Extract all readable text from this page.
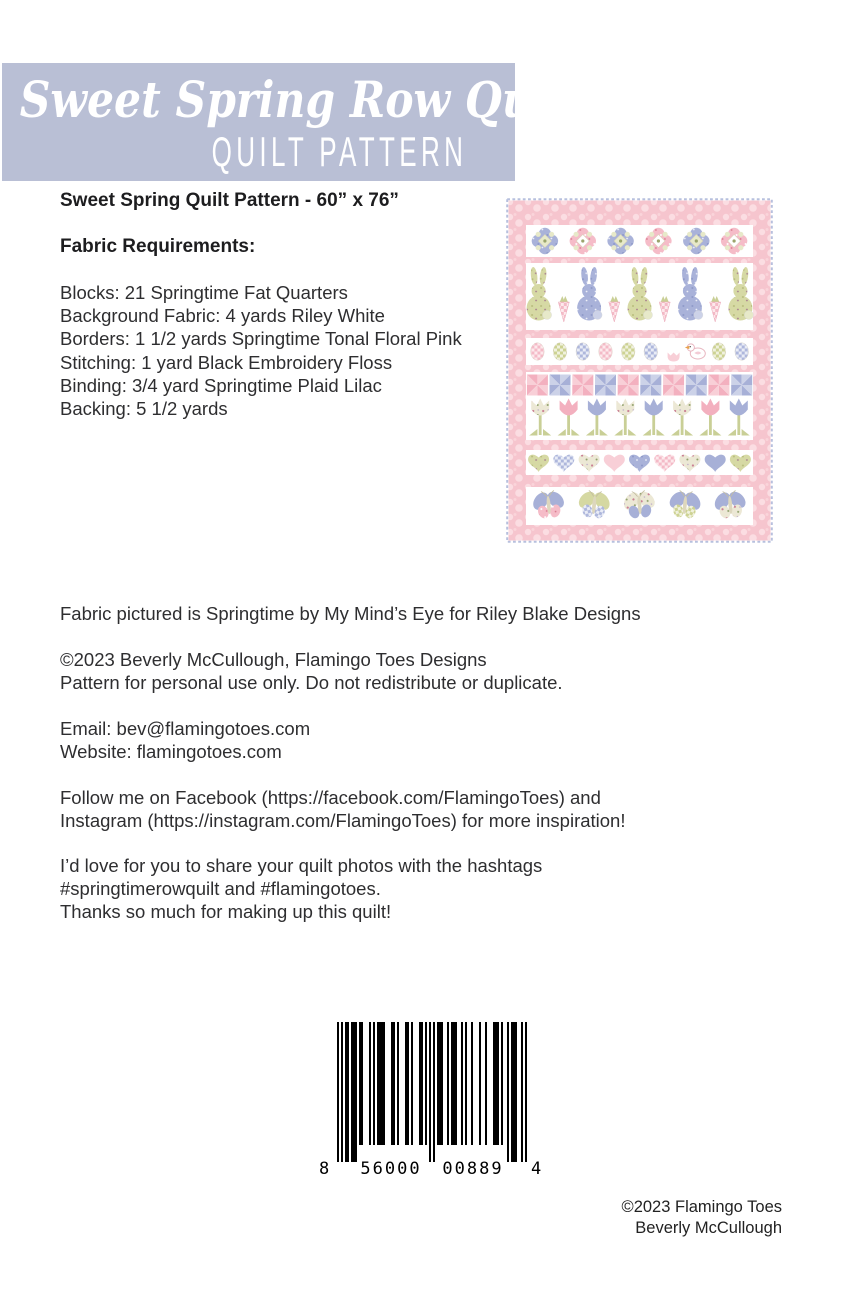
Sweet Spring Row Quilt
QUILT PATTERN
Sweet Spring Quilt Pattern - 60” x 76”
Fabric Requirements:
Blocks: 21 Springtime Fat Quarters
Background Fabric: 4 yards Riley White
Borders: 1 1/2 yards Springtime Tonal Floral Pink
Stitching: 1 yard Black Embroidery Floss
Binding: 3/4 yard Springtime Plaid Lilac
Backing: 5 1/2 yards
Fabric pictured is Springtime by My Mind’s Eye for Riley Blake Designs
©2023 Beverly McCullough, Flamingo Toes Designs
Pattern for personal use only. Do not redistribute or duplicate.
Email: bev@flamingotoes.com
Website: flamingotoes.com
Follow me on Facebook (https://facebook.com/FlamingoToes) and
Instagram (https://instagram.com/FlamingoToes) for more inspiration!
I’d love for you to share your quilt photos with the hashtags
#springtimerowquilt and #flamingotoes.
Thanks so much for making up this quilt!
8 56000 00889 4
©2023 Flamingo Toes
Beverly McCullough
